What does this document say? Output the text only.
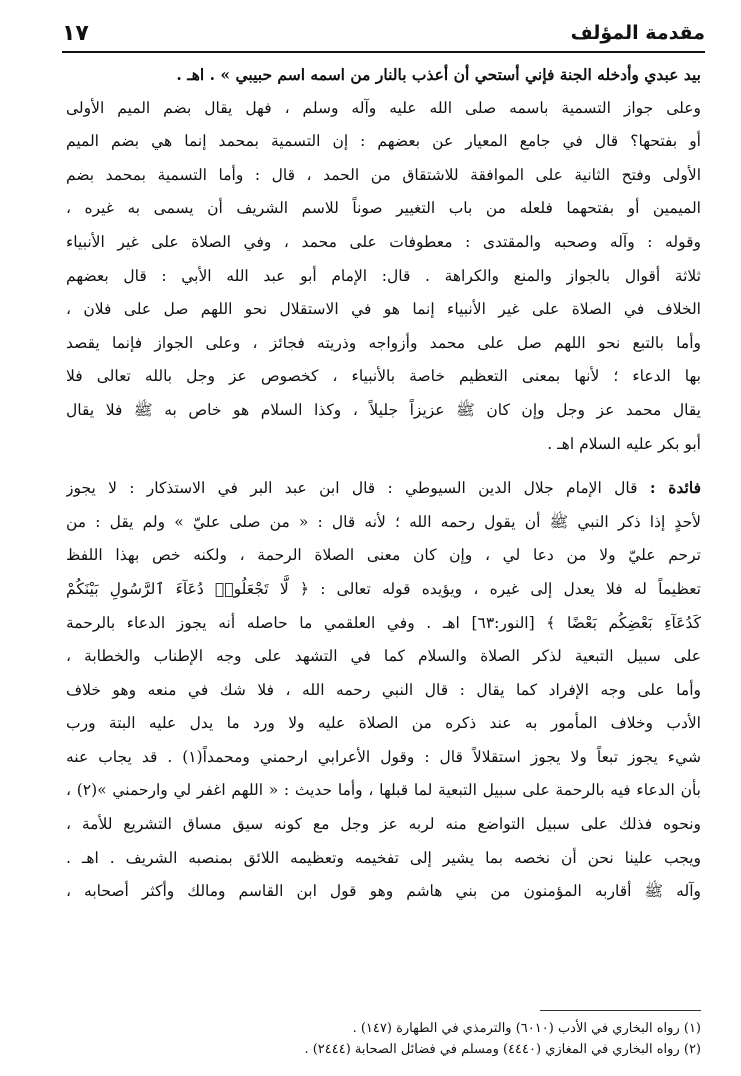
مقدمة المؤلف
١٧
بيد عبدي وأدخله الجنة فإني أستحي أن أعذب بالنار من اسمه اسم حبيبي » . اهـ .
وعلى جواز التسمية باسمه صلى الله عليه وآله وسلم ، فهل يقال بضم الميم الأولى
أو بفتحها؟ قال في جامع المعيار عن بعضهم : إن التسمية بمحمد إنما هي بضم الميم
الأولى وفتح الثانية على الموافقة للاشتقاق من الحمد ، قال : وأما التسمية بمحمد بضم
الميمين أو بفتحهما فلعله من باب التغيير صوناً للاسم الشريف أن يسمى به غيره ،
وقوله : وآله وصحبه والمقتدى : معطوفات على محمد ، وفي الصلاة على غير الأنبياء
ثلاثة أقوال بالجواز والمنع والكراهة . قال: الإمام أبو عبد الله الأبي : قال بعضهم
الخلاف في الصلاة على غير الأنبياء إنما هو في الاستقلال نحو اللهم صل على فلان ،
وأما بالتبع نحو اللهم صل على محمد وأزواجه وذريته فجائز ، وعلى الجواز فإنما يقصد
بها الدعاء ؛ لأنها بمعنى التعظيم خاصة بالأنبياء ، كخصوص عز وجل بالله تعالى فلا
يقال محمد عز وجل وإن كان ﷺ عزيزاً جليلاً ، وكذا السلام هو خاص به ﷺ فلا يقال
أبو بكر عليه السلام اهـ .
فائدة : قال الإمام جلال الدين السيوطي : قال ابن عبد البر في الاستذكار : لا يجوز
لأحدٍ إذا ذكر النبي ﷺ أن يقول رحمه الله ؛ لأنه قال : « من صلى عليّ » ولم يقل : من
ترحم عليّ ولا من دعا لي ، وإن كان معنى الصلاة الرحمة ، ولكنه خص بهذا اللفظ
تعظيماً له فلا يعدل إلى غيره ، ويؤيده قوله تعالى : ﴿ لَّا تَجْعَلُوا۟ دُعَآءَ ٱلرَّسُولِ بَيْنَكُمْ
كَدُعَآءِ بَعْضِكُم بَعْضًا ﴾ [النور:٦٣] اهـ . وفي العلقمي ما حاصله أنه يجوز الدعاء بالرحمة
على سبيل التبعية لذكر الصلاة والسلام كما في التشهد على وجه الإطناب والخطابة ،
وأما على وجه الإفراد كما يقال : قال النبي رحمه الله ، فلا شك في منعه وهو خلاف
الأدب وخلاف المأمور به عند ذكره من الصلاة عليه ولا ورد ما يدل عليه البتة ورب
شيء يجوز تبعاً ولا يجوز استقلالاً قال : وقول الأعرابي ارحمني ومحمداً(١) . قد يجاب عنه
بأن الدعاء فيه بالرحمة على سبيل التبعية لما قبلها ، وأما حديث : « اللهم اغفر لي وارحمني »(٢) ،
ونحوه فذلك على سبيل التواضع منه لربه عز وجل مع كونه سيق مساق التشريع للأمة ،
ويجب علينا نحن أن نخصه بما يشير إلى تفخيمه وتعظيمه اللائق بمنصبه الشريف . اهـ .
وآله ﷺ أقاربه المؤمنون من بني هاشم وهو قول ابن القاسم ومالك وأكثر أصحابه ،
(١) رواه البخاري في الأدب (٦٠١٠) والترمذي في الطهارة (١٤٧) .
(٢) رواه البخاري في المغازي (٤٤٤٠) ومسلم في فضائل الصحابة (٢٤٤٤) .
